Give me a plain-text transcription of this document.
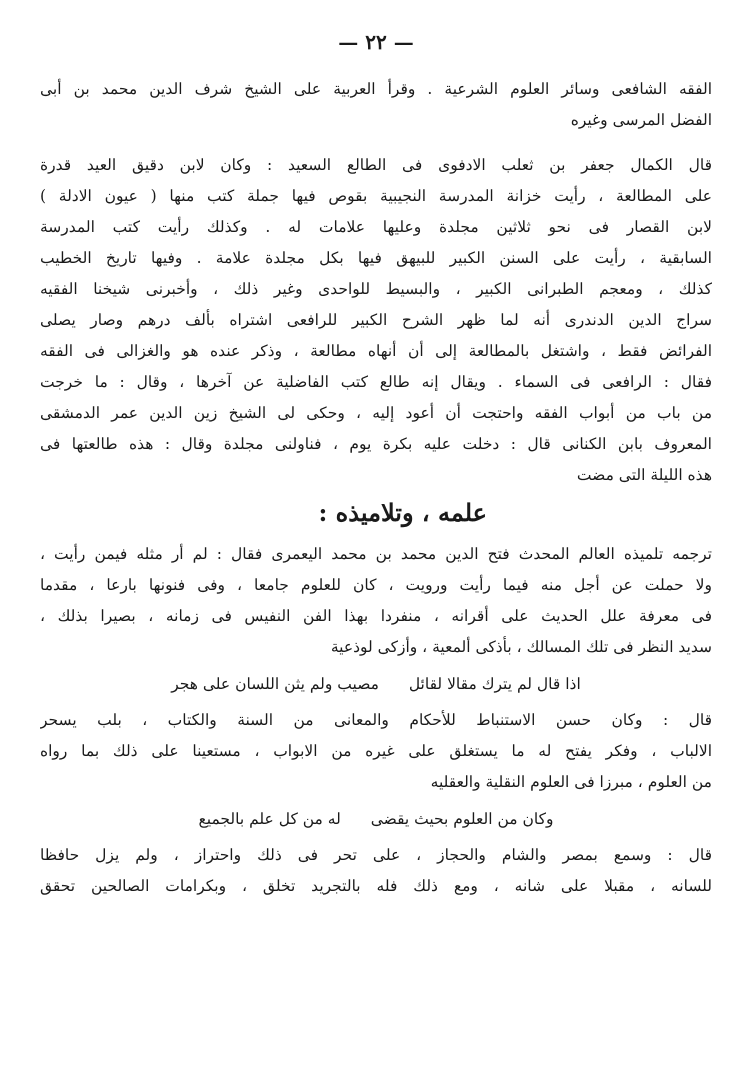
— ٢٢ —
الفقه الشافعى وسائر العلوم الشرعية . وقرأ العربية على الشيخ شرف الدين محمد بن أبى
الفضل المرسى وغيره
قال الكمال جعفر بن ثعلب الادفوى فى الطالع السعيد : وكان لابن دقيق العيد قدرة
على المطالعة ، رأيت خزانة المدرسة النجيبية بقوص فيها جملة كتب منها ( عيون الادلة )
لابن القصار فى نحو ثلاثين مجلدة وعليها علامات له . وكذلك رأيت كتب المدرسة
السابقية ، رأيت على السنن الكبير للبيهق فيها بكل مجلدة علامة . وفيها تاريخ الخطيب
كذلك ، ومعجم الطبرانى الكبير ، والبسيط للواحدى وغير ذلك ، وأخبرنى شيخنا الفقيه
سراج الدين الدندرى أنه لما ظهر الشرح الكبير للرافعى اشتراه بألف درهم وصار يصلى
الفرائض فقط ، واشتغل بالمطالعة إلى أن أنهاه مطالعة ، وذكر عنده هو والغزالى فى الفقه
فقال : الرافعى فى السماء . ويقال إنه طالع كتب الفاضلية عن آخرها ، وقال : ما خرجت
من باب من أبواب الفقه واحتجت أن أعود إليه ، وحكى لى الشيخ زين الدين عمر الدمشقى
المعروف بابن الكنانى قال : دخلت عليه بكرة يوم ، فناولنى مجلدة وقال : هذه طالعتها فى
هذه الليلة التى مضت
علمه ، وتلاميذه :
ترجمه تلميذه العالم المحدث فتح الدين محمد بن محمد اليعمرى فقال : لم أر مثله فيمن رأيت ،
ولا حملت عن أجل منه فيما رأيت ورويت ، كان للعلوم جامعا ، وفى فنونها بارعا ، مقدما
فى معرفة علل الحديث على أقرانه ، منفردا بهذا الفن النفيس فى زمانه ، بصيرا بذلك ،
سديد النظر فى تلك المسالك ، بأذكى ألمعية ، وأزكى لوذعية
اذا قال لم يترك مقالا لقائل  مصيب ولم يثن اللسان على هجر
قال : وكان حسن الاستنباط للأحكام والمعانى من السنة والكتاب ، بلب يسحر
الالباب ، وفكر يفتح له ما يستغلق على غيره من الابواب ، مستعينا على ذلك بما رواه
من العلوم ، مبرزا فى العلوم النقلية والعقليه
وكان من العلوم بحيث يقضى  له من كل علم بالجميع
قال : وسمع بمصر والشام والحجاز ، على تحر فى ذلك واحتراز ، ولم يزل حافظا
للسانه ، مقبلا على شانه ، ومع ذلك فله بالتجريد تخلق ، وبكرامات الصالحين تحقق
